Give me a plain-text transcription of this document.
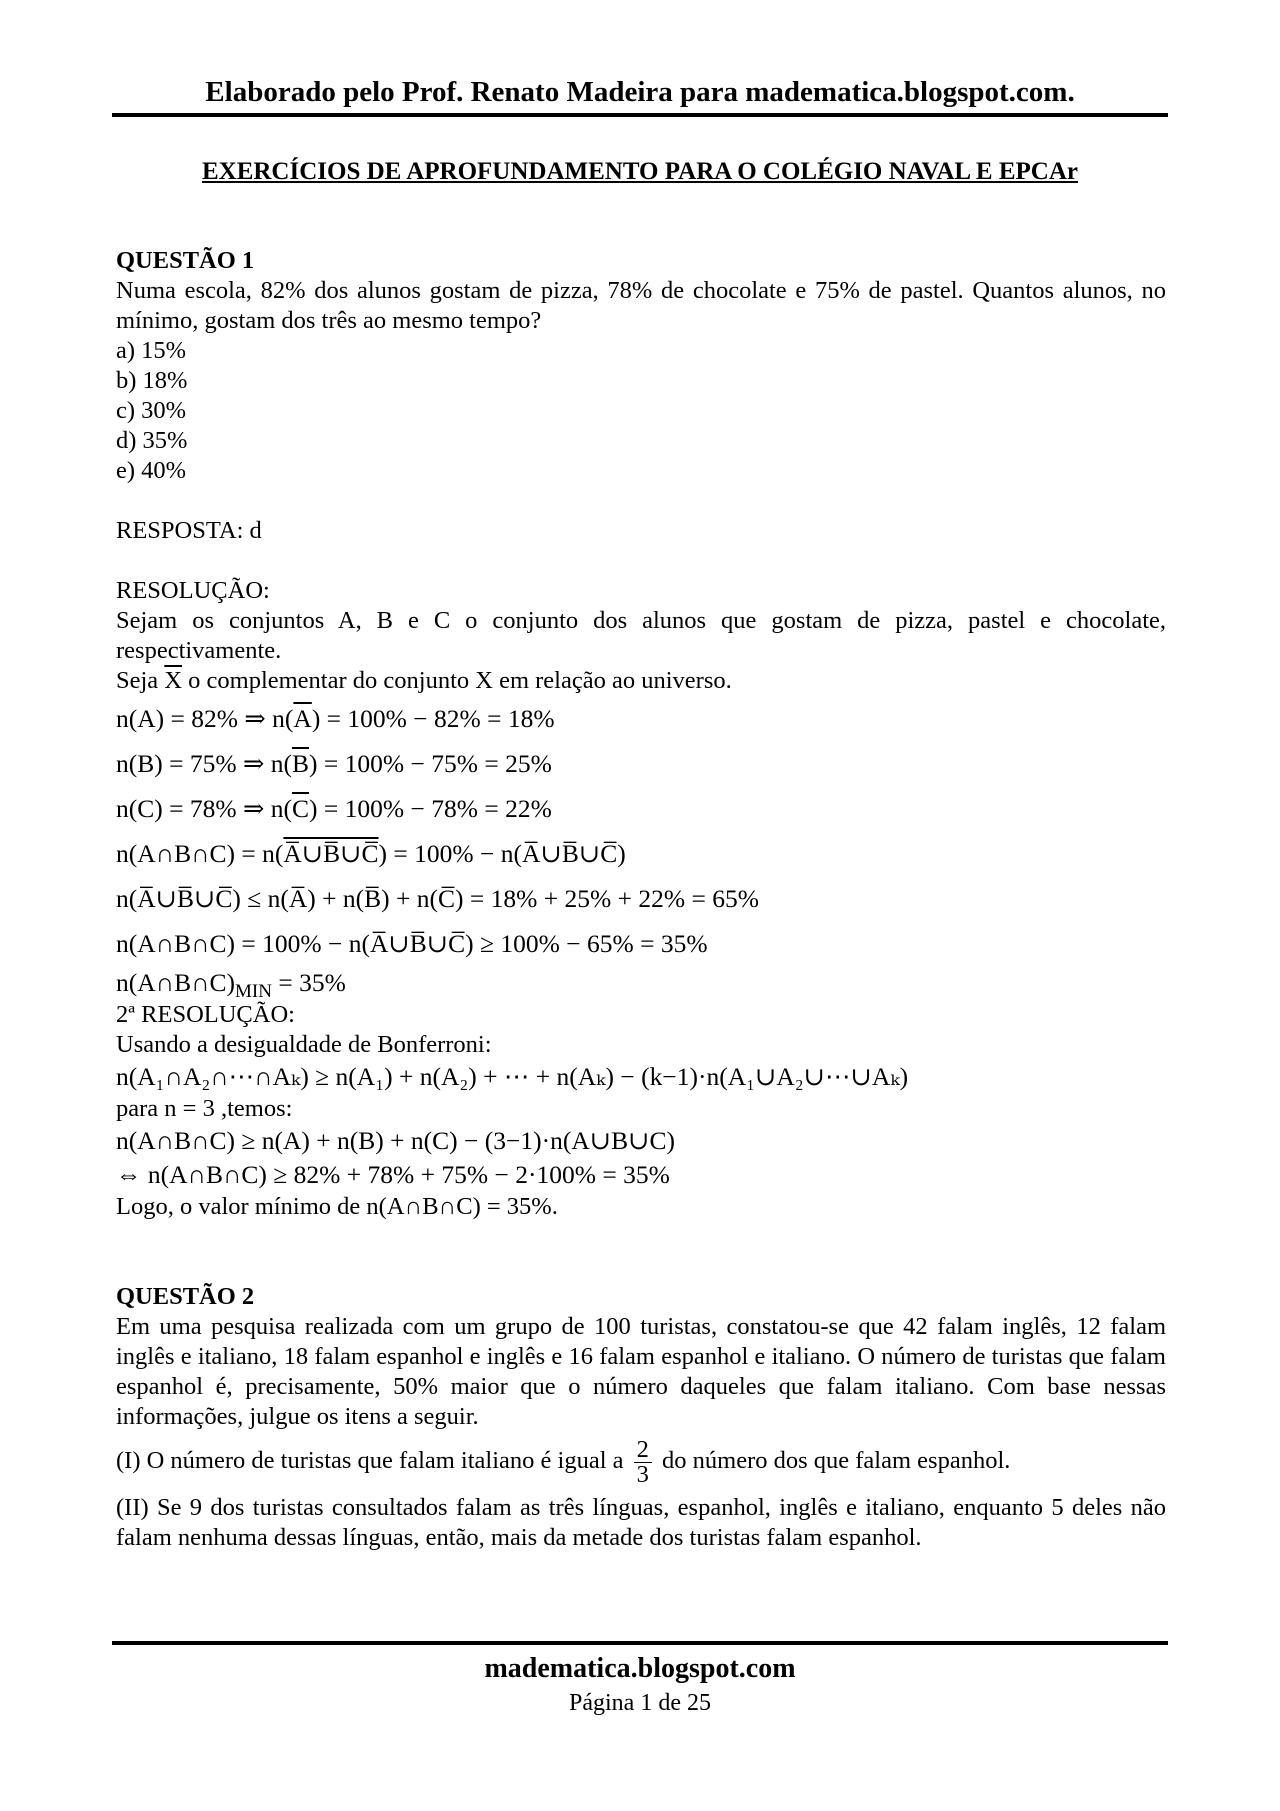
Elaborado pelo Prof. Renato Madeira para madematica.blogspot.com.
EXERCÍCIOS DE APROFUNDAMENTO PARA O COLÉGIO NAVAL E EPCAr

QUESTÃO 1

Numa escola, 82% dos alunos gostam de pizza, 78% de chocolate e 75% de pastel. Quantos alunos, no mínimo, gostam dos três ao mesmo tempo?

a) 15%

b) 18%

c) 30%

d) 35%

e) 40%

RESPOSTA: d

RESOLUÇÃO:

Sejam os conjuntos A, B e C o conjunto dos alunos que gostam de pizza, pastel e chocolate, respectivamente.

Seja $\overline{X}$ o complementar do conjunto X em relação ao universo.

n(A) = 82% ⇒ $n(\overline{A}) = 100\% - 82\% = 18\%$
n(B) = 75% ⇒ $n(\overline{B}) = 100\% - 75\% = 25\%$
n(C) = 78% ⇒ $n(\overline{C}) = 100\% - 78\% = 22\%$
n(A∩B∩C) = n(A̅∪B̅∪C̅) = 100% − n(A̅∪B̅∪C̅)
n(A̅∪B̅∪C̅) ≤ n(A̅) + n(B̅) + n(C̅) = 18% + 25% + 22% = 65%
n(A∩B∩C) = 100% − n(A̅∪B̅∪C̅) ≥ 100% − 65% = 35%
$n(A\cap B\cap C)_{MIN} = 35\%$

2ª RESOLUÇÃO:

Usando a desigualdade de Bonferroni:

n(A₁∩A₂∩⋯∩Aₖ) ≥ n(A₁) + n(A₂) + ⋯ + n(Aₖ) − (k−1)·n(A₁∪A₂∪⋯∪Aₖ)

para n = 3 ,temos:

n(A∩B∩C) ≥ n(A) + n(B) + n(C) − (3−1)·n(A∪B∪C)
⇔ n(A∩B∩C) ≥ 82% + 78% + 75% − 2·100% = 35%

Logo, o valor mínimo de n(A∩B∩C) = 35%.

QUESTÃO 2

Em uma pesquisa realizada com um grupo de 100 turistas, constatou-se que 42 falam inglês, 12 falam inglês e italiano, 18 falam espanhol e inglês e 16 falam espanhol e italiano. O número de turistas que falam espanhol é, precisamente, 50% maior que o número daqueles que falam italiano. Com base nessas informações, julgue os itens a seguir.

(I) O número de turistas que falam italiano é igual a $\frac{2}{3}$ do número dos que falam espanhol.

(II) Se 9 dos turistas consultados falam as três línguas, espanhol, inglês e italiano, enquanto 5 deles não falam nenhuma dessas línguas, então, mais da metade dos turistas falam espanhol.

madematica.blogspot.com
Página 1 de 25
